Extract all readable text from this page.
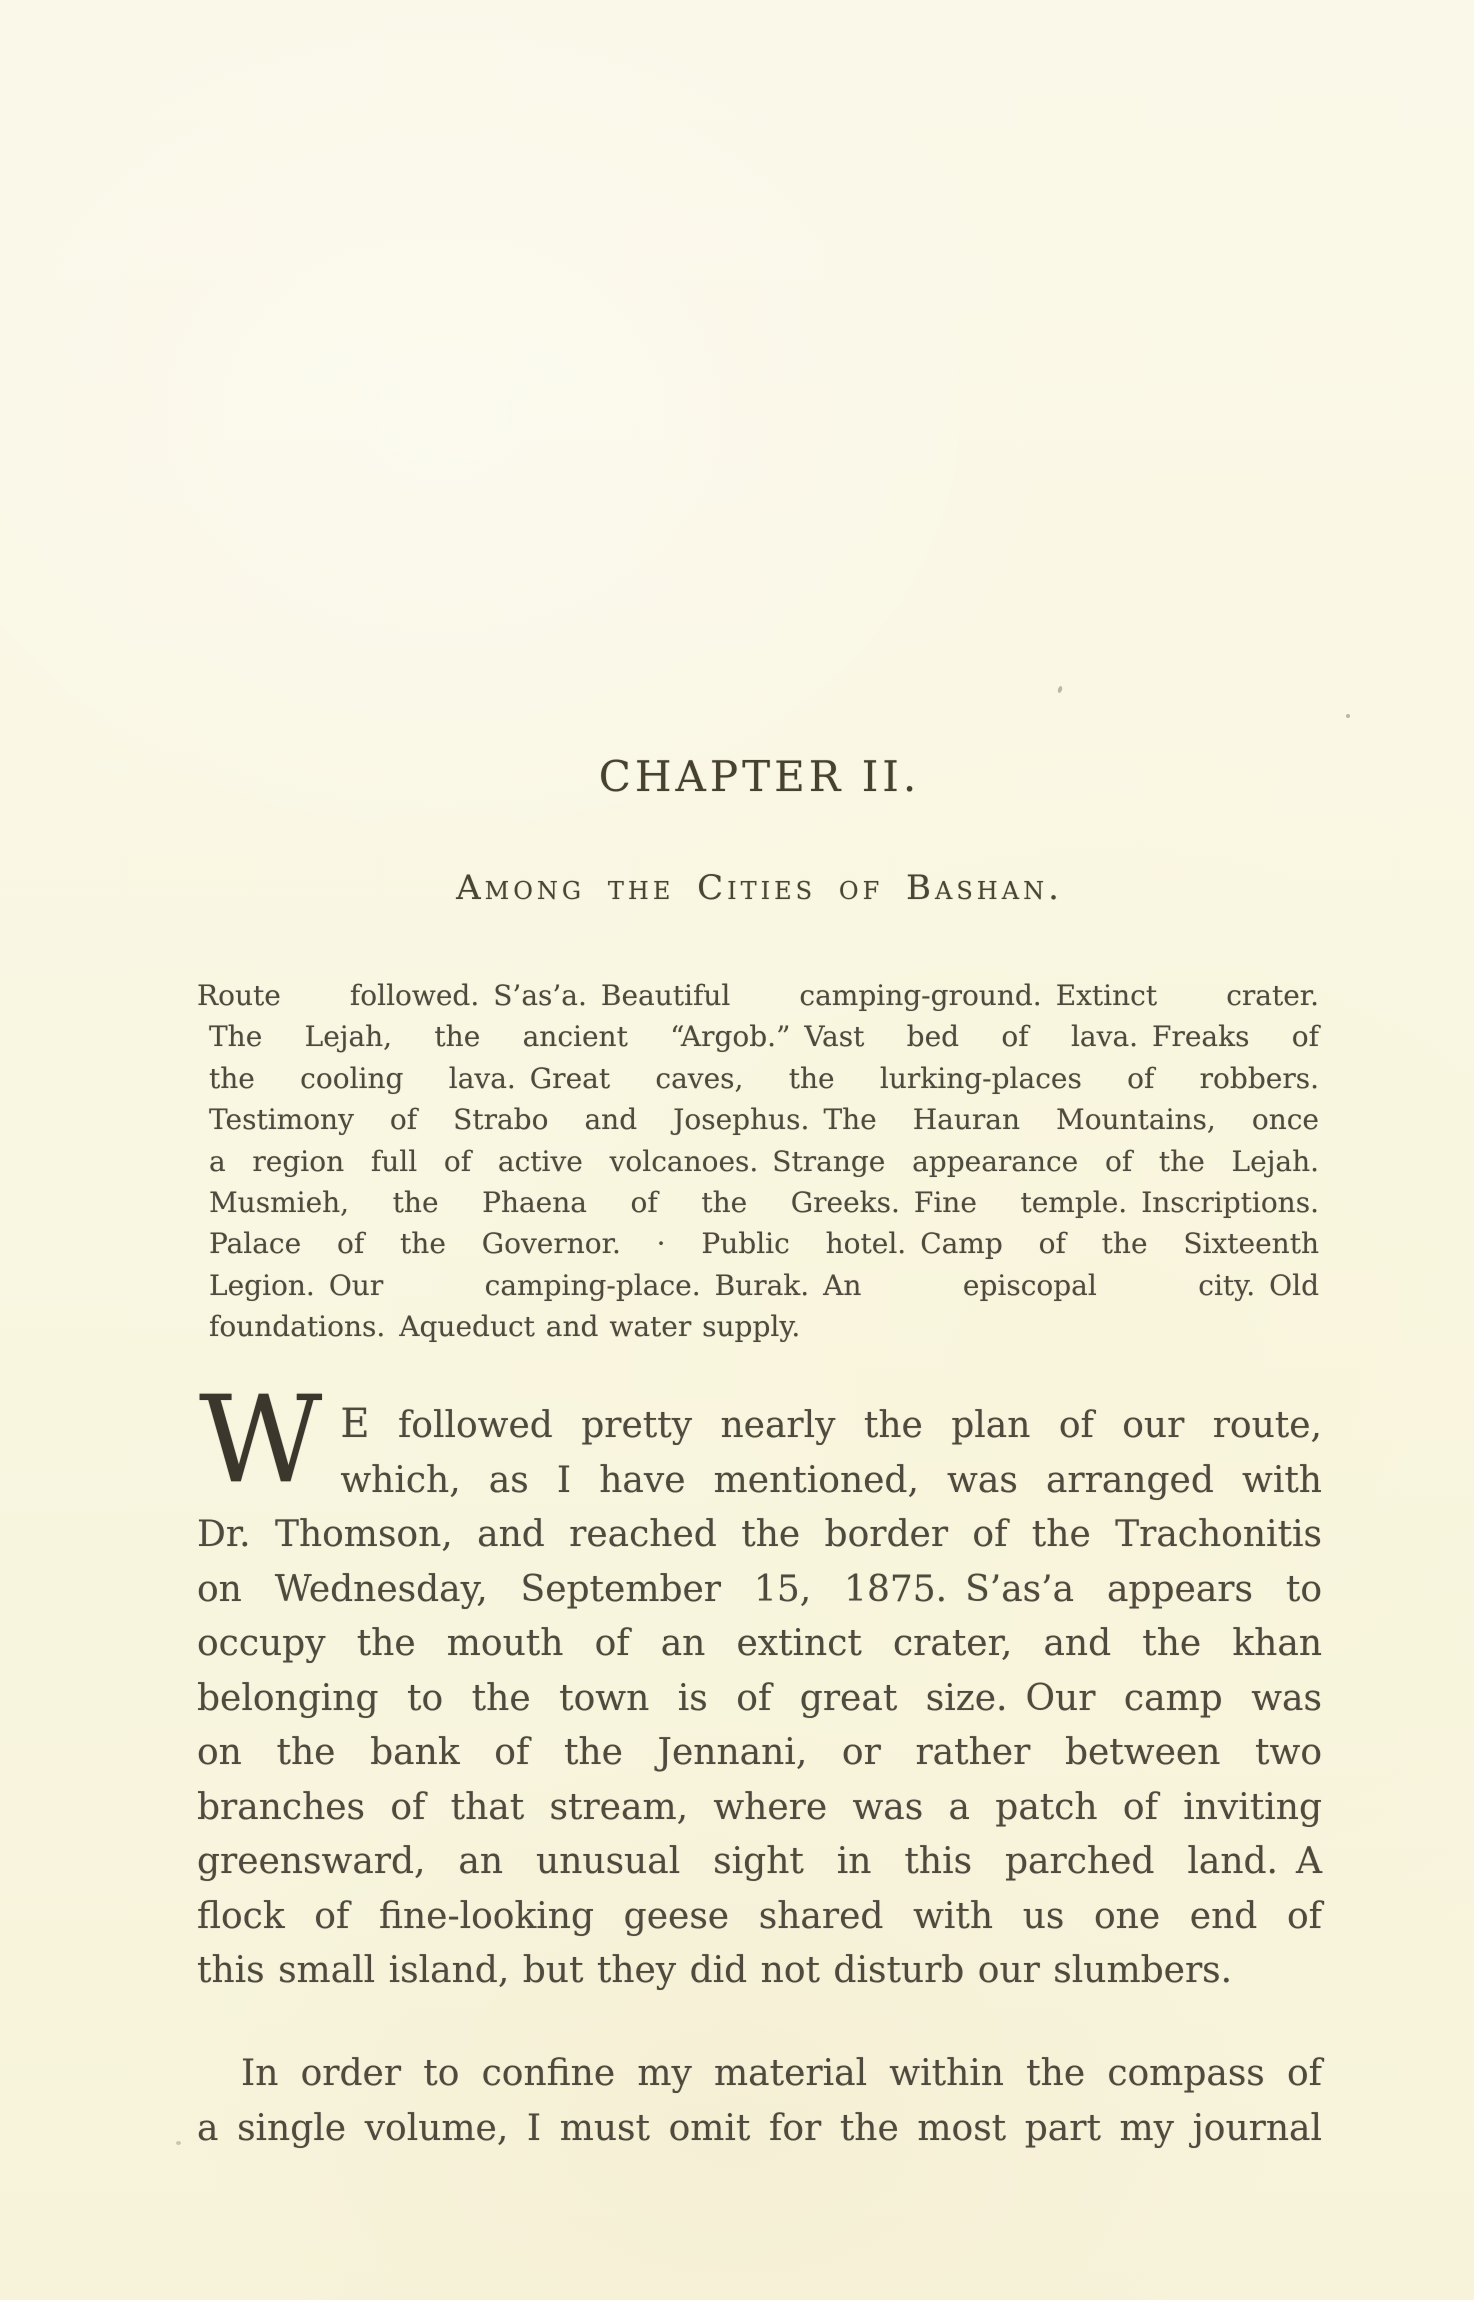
CHAPTER II.
Among the Cities of Bashan.
Route followed. S’as’a. Beautiful camping-ground. Extinct crater.
The Lejah, the ancient “Argob.” Vast bed of lava. Freaks of
the cooling lava. Great caves, the lurking-places of robbers.
Testimony of Strabo and Josephus. The Hauran Mountains, once
a region full of active volcanoes. Strange appearance of the Lejah.
Musmieh, the Phaena of the Greeks. Fine temple. Inscriptions.
Palace of the Governor. · Public hotel. Camp of the Sixteenth
Legion. Our camping-place. Burak. An episcopal city. Old
foundations. Aqueduct and water supply.
W E followed pretty nearly the plan of our route,
which, as I have mentioned, was arranged with
Dr. Thomson, and reached the border of the Trachonitis
on Wednesday, September 15, 1875. S’as’a appears to
occupy the mouth of an extinct crater, and the khan
belonging to the town is of great size. Our camp was
on the bank of the Jennani, or rather between two
branches of that stream, where was a patch of inviting
greensward, an unusual sight in this parched land. A
flock of fine-looking geese shared with us one end of
this small island, but they did not disturb our slumbers.
In order to confine my material within the compass of
a single volume, I must omit for the most part my journal
